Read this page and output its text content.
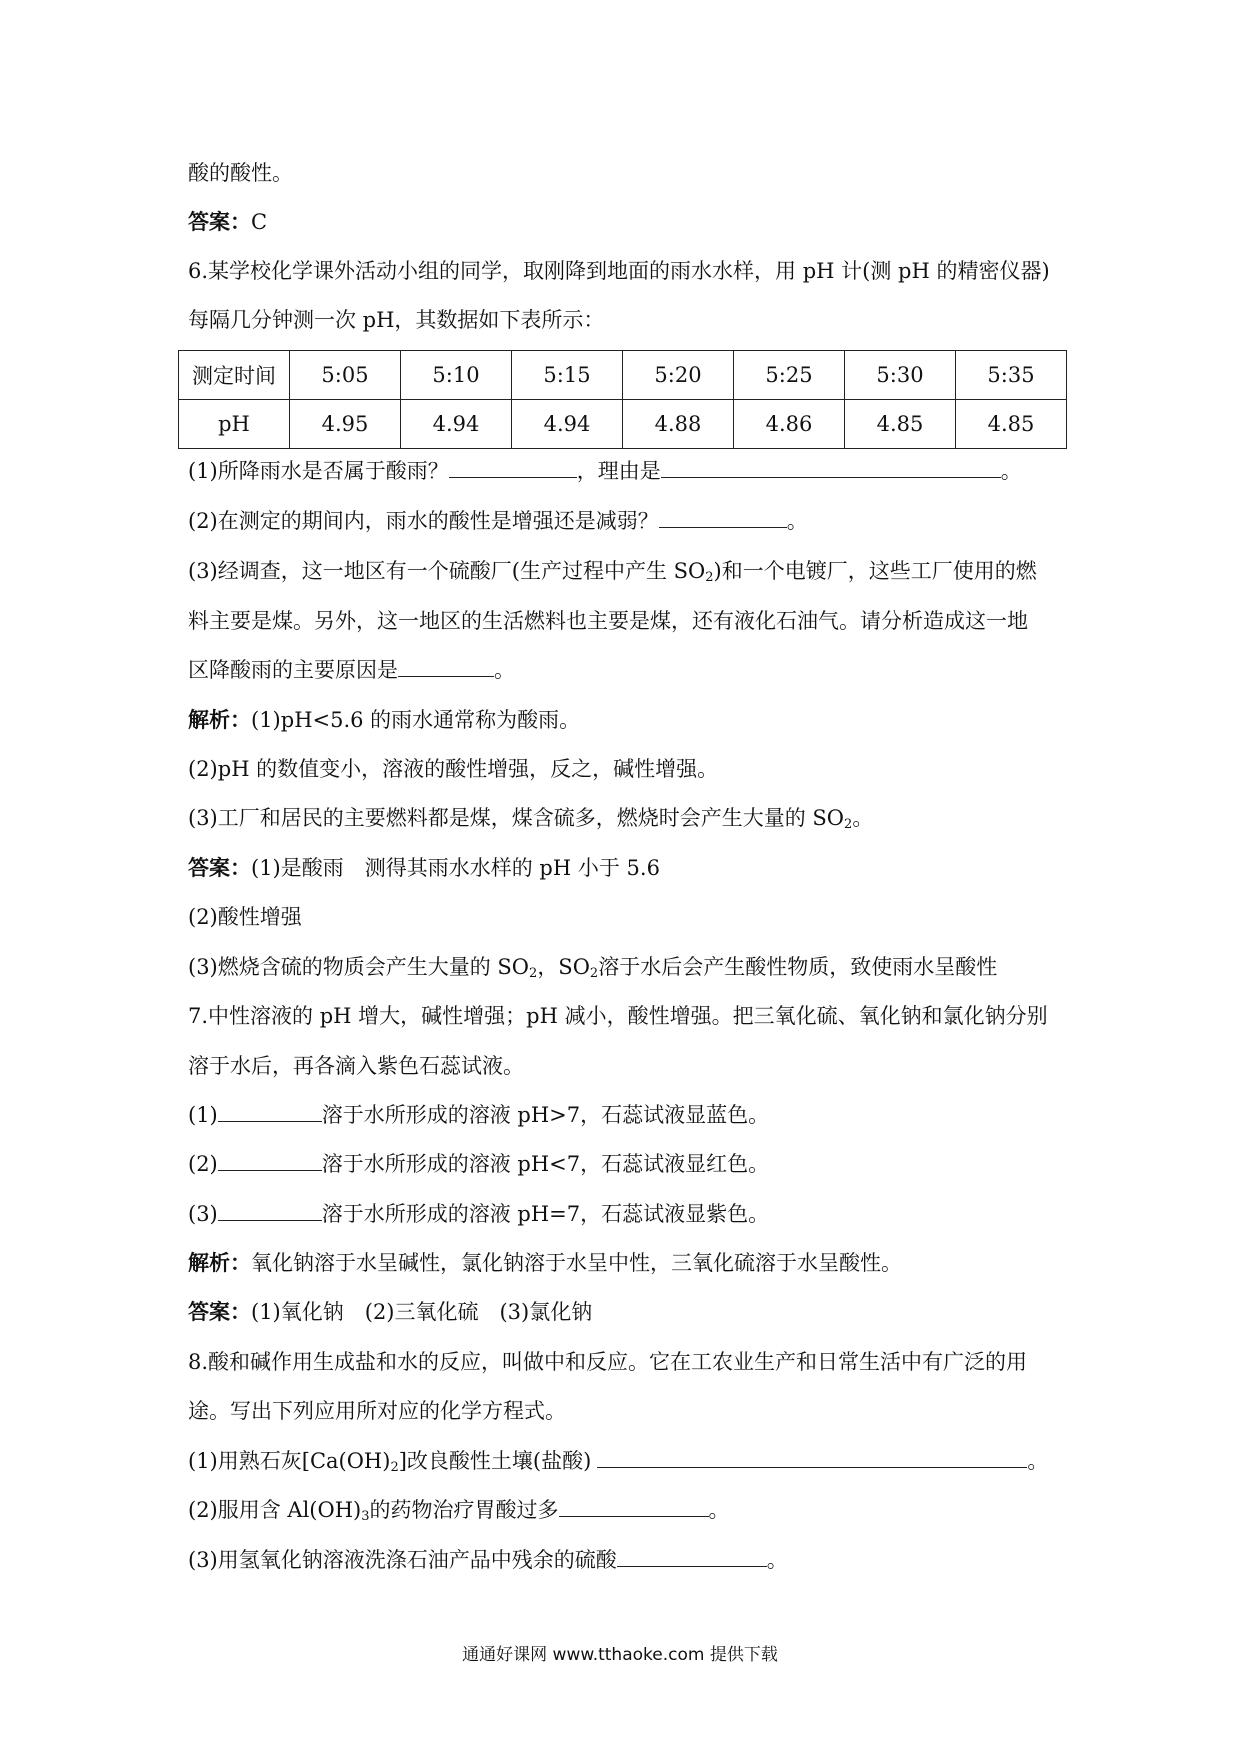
酸的酸性。
答案：C
6.某学校化学课外活动小组的同学，取刚降到地面的雨水水样，用 pH 计(测 pH 的精密仪器)
每隔几分钟测一次 pH，其数据如下表所示：
测定时间	5:05	5:10	5:15	5:20	5:25	5:30	5:35
pH	4.95	4.94	4.94	4.88	4.86	4.85	4.85
(1)所降雨水是否属于酸雨？	，理由是	。
(2)在测定的期间内，雨水的酸性是增强还是减弱？	。
(3)经调查，这一地区有一个硫酸厂(生产过程中产生 $SO_2$)和一个电镀厂，这些工厂使用的燃
料主要是煤。另外，这一地区的生活燃料也主要是煤，还有液化石油气。请分析造成这一地
区降酸雨的主要原因是	。
解析：(1)pH<5.6 的雨水通常称为酸雨。
(2)pH 的数值变小，溶液的酸性增强，反之，碱性增强。
(3)工厂和居民的主要燃料都是煤，煤含硫多，燃烧时会产生大量的 $SO_2$。
答案：(1)是酸雨　测得其雨水水样的 pH 小于 5.6
(2)酸性增强
(3)燃烧含硫的物质会产生大量的 $SO_2$，$SO_2$溶于水后会产生酸性物质，致使雨水呈酸性
7.中性溶液的 pH 增大，碱性增强；pH 减小，酸性增强。把三氧化硫、氧化钠和氯化钠分别
溶于水后，再各滴入紫色石蕊试液。
(1)	溶于水所形成的溶液 pH>7，石蕊试液显蓝色。
(2)	溶于水所形成的溶液 pH<7，石蕊试液显红色。
(3)	溶于水所形成的溶液 pH=7，石蕊试液显紫色。
解析：氧化钠溶于水呈碱性，氯化钠溶于水呈中性，三氧化硫溶于水呈酸性。
答案：(1)氧化钠　(2)三氧化硫　(3)氯化钠
8.酸和碱作用生成盐和水的反应，叫做中和反应。它在工农业生产和日常生活中有广泛的用
途。写出下列应用所对应的化学方程式。
(1)用熟石灰$[Ca(OH)_2]$改良酸性土壤(盐酸)	。
(2)服用含 $Al(OH)_3$的药物治疗胃酸过多	。
(3)用氢氧化钠溶液洗涤石油产品中残余的硫酸	。
通通好课网 www.tthaoke.com 提供下载
